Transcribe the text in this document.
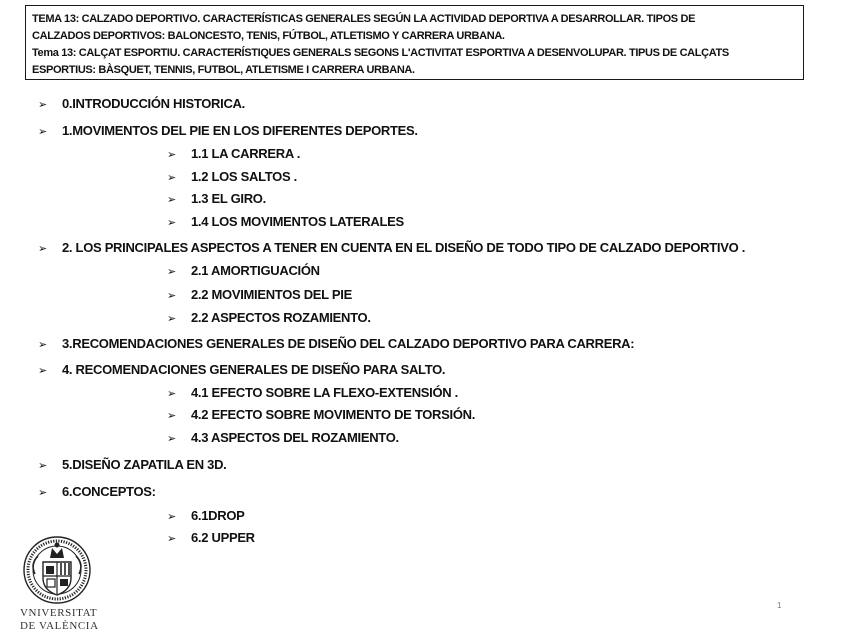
TEMA 13: CALZADO DEPORTIVO. CARACTERÍSTICAS GENERALES SEGÚN LA ACTIVIDAD DEPORTIVA A DESARROLLAR. TIPOS DE
CALZADOS DEPORTIVOS: BALONCESTO, TENIS, FÚTBOL, ATLETISMO Y CARRERA URBANA.
Tema 13: CALÇAT ESPORTIU. CARACTERÍSTIQUES GENERALS SEGONS L'ACTIVITAT ESPORTIVA A DESENVOLUPAR. TIPUS DE CALÇATS
ESPORTIUS: BÀSQUET, TENNIS, FUTBOL, ATLETISME I CARRERA URBANA.
➢ 0.INTRODUCCIÓN HISTORICA.
➢ 1.MOVIMENTOS DEL PIE EN LOS DIFERENTES DEPORTES.
➢ 1.1 LA CARRERA .
➢ 1.2 LOS SALTOS .
➢ 1.3 EL GIRO.
➢ 1.4 LOS MOVIMENTOS LATERALES
➢ 2. LOS PRINCIPALES ASPECTOS A TENER EN CUENTA EN EL DISEÑO DE TODO TIPO DE CALZADO DEPORTIVO .
➢ 2.1 AMORTIGUACIÓN
➢ 2.2 MOVIMIENTOS DEL PIE
➢ 2.2 ASPECTOS ROZAMIENTO.
➢ 3.RECOMENDACIONES GENERALES DE DISEÑO DEL CALZADO DEPORTIVO PARA CARRERA:
➢ 4. RECOMENDACIONES GENERALES DE DISEÑO PARA SALTO.
➢ 4.1 EFECTO SOBRE LA FLEXO-EXTENSIÓN .
➢ 4.2 EFECTO SOBRE MOVIMENTO DE TORSIÓN.
➢ 4.3 ASPECTOS DEL ROZAMIENTO.
➢ 5.DISEÑO ZAPATILA EN 3D.
➢ 6.CONCEPTOS:
➢ 6.1DROP
➢ 6.2 UPPER
VNIVERSITAT
DE VALÈNCIA
1
